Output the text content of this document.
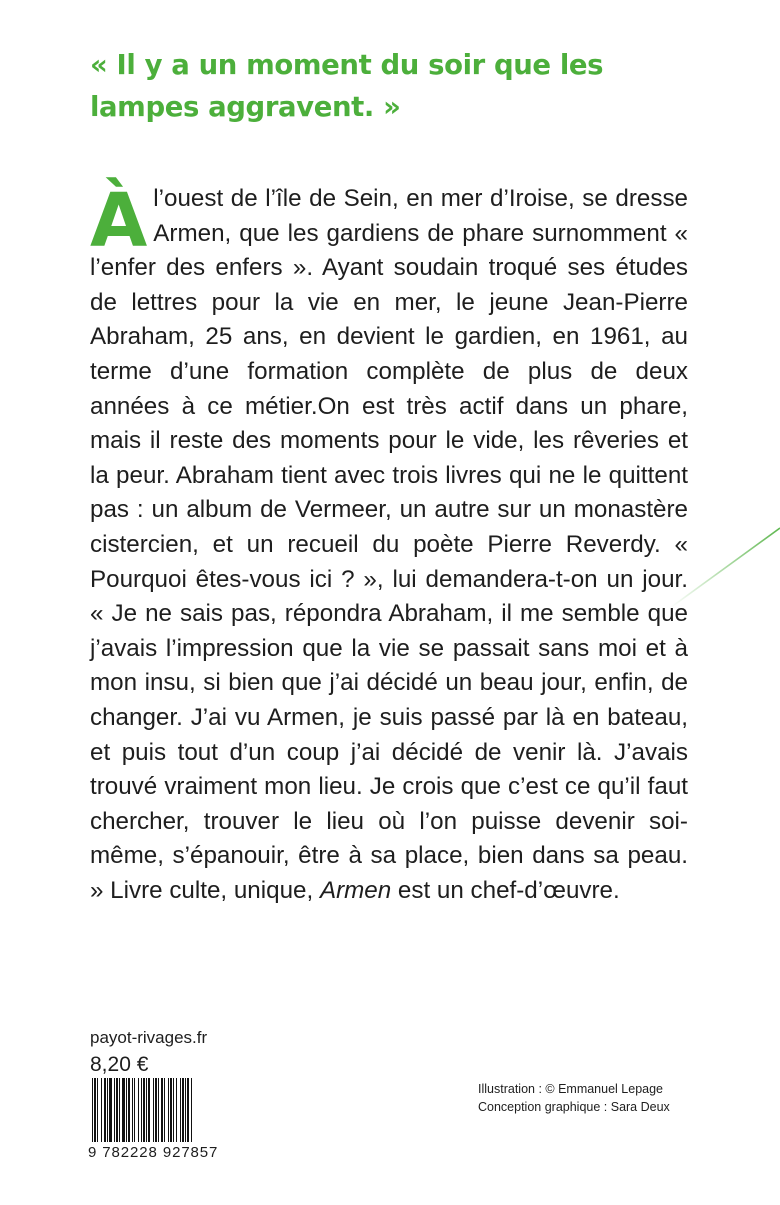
« Il y a un moment du soir que les lampes aggravent. »

Àl’ouest de l’île de Sein, en mer d’Iroise, se dresse Armen, que les gardiens de phare surnomment « l’enfer des enfers ». Ayant soudain troqué ses études de lettres pour la vie en mer, le jeune Jean-Pierre Abraham, 25 ans, en devient le gardien, en 1961, au terme d’une formation complète de plus de deux années à ce métier.On est très actif dans un phare, mais il reste des moments pour le vide, les rêveries et la peur. Abraham tient avec trois livres qui ne le quittent pas : un album de Vermeer, un autre sur un monastère cistercien, et un recueil du poète Pierre Reverdy. « Pourquoi êtes-vous ici ? », lui demandera-t-on un jour. « Je ne sais pas, répondra Abraham, il me semble que j’avais l’impression que la vie se passait sans moi et à mon insu, si bien que j’ai décidé un beau jour, enfin, de changer. J’ai vu Armen, je suis passé par là en bateau, et puis tout d’un coup j’ai décidé de venir là. J’avais trouvé vraiment mon lieu. Je crois que c’est ce qu’il faut chercher, trouver le lieu où l’on puisse devenir soi-même, s’épanouir, être à sa place, bien dans sa peau. » Livre culte, unique, Armen est un chef-d’œuvre.

payot-rivages.fr
8,20 €
9 782228 927857
Illustration : © Emmanuel Lepage
Conception graphique : Sara Deux
